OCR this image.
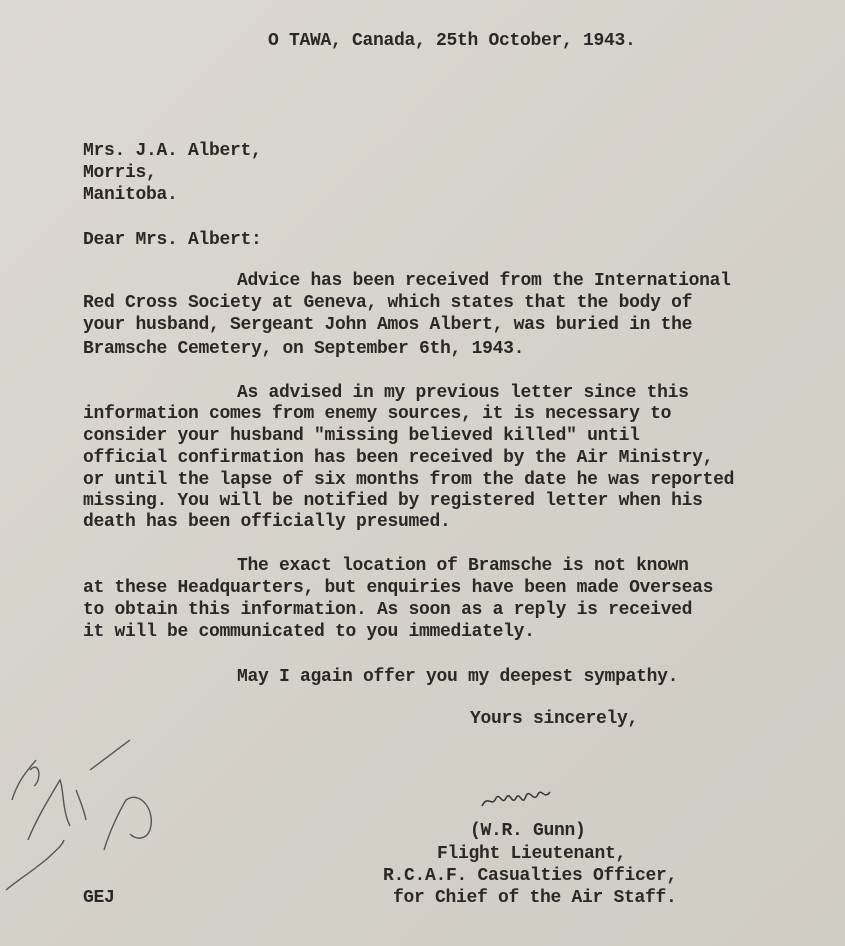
O TAWA, Canada, 25th October, 1943.
Mrs. J.A. Albert,
Morris,
Manitoba.
Dear Mrs. Albert:
Advice has been received from the International
Red Cross Society at Geneva, which states that the body of
your husband, Sergeant John Amos Albert, was buried in the
Bramsche Cemetery, on September 6th, 1943.
As advised in my previous letter since this
information comes from enemy sources, it is necessary to
consider your husband "missing believed killed" until
official confirmation has been received by the Air Ministry,
or until the lapse of six months from the date he was reported
missing. You will be notified by registered letter when his
death has been officially presumed.
The exact location of Bramsche is not known
at these Headquarters, but enquiries have been made Overseas
to obtain this information. As soon as a reply is received
it will be communicated to you immediately.
May I again offer you my deepest sympathy.
Yours sincerely,
(W.R. Gunn)
Flight Lieutenant,
R.C.A.F. Casualties Officer,
for Chief of the Air Staff.
GEJ
